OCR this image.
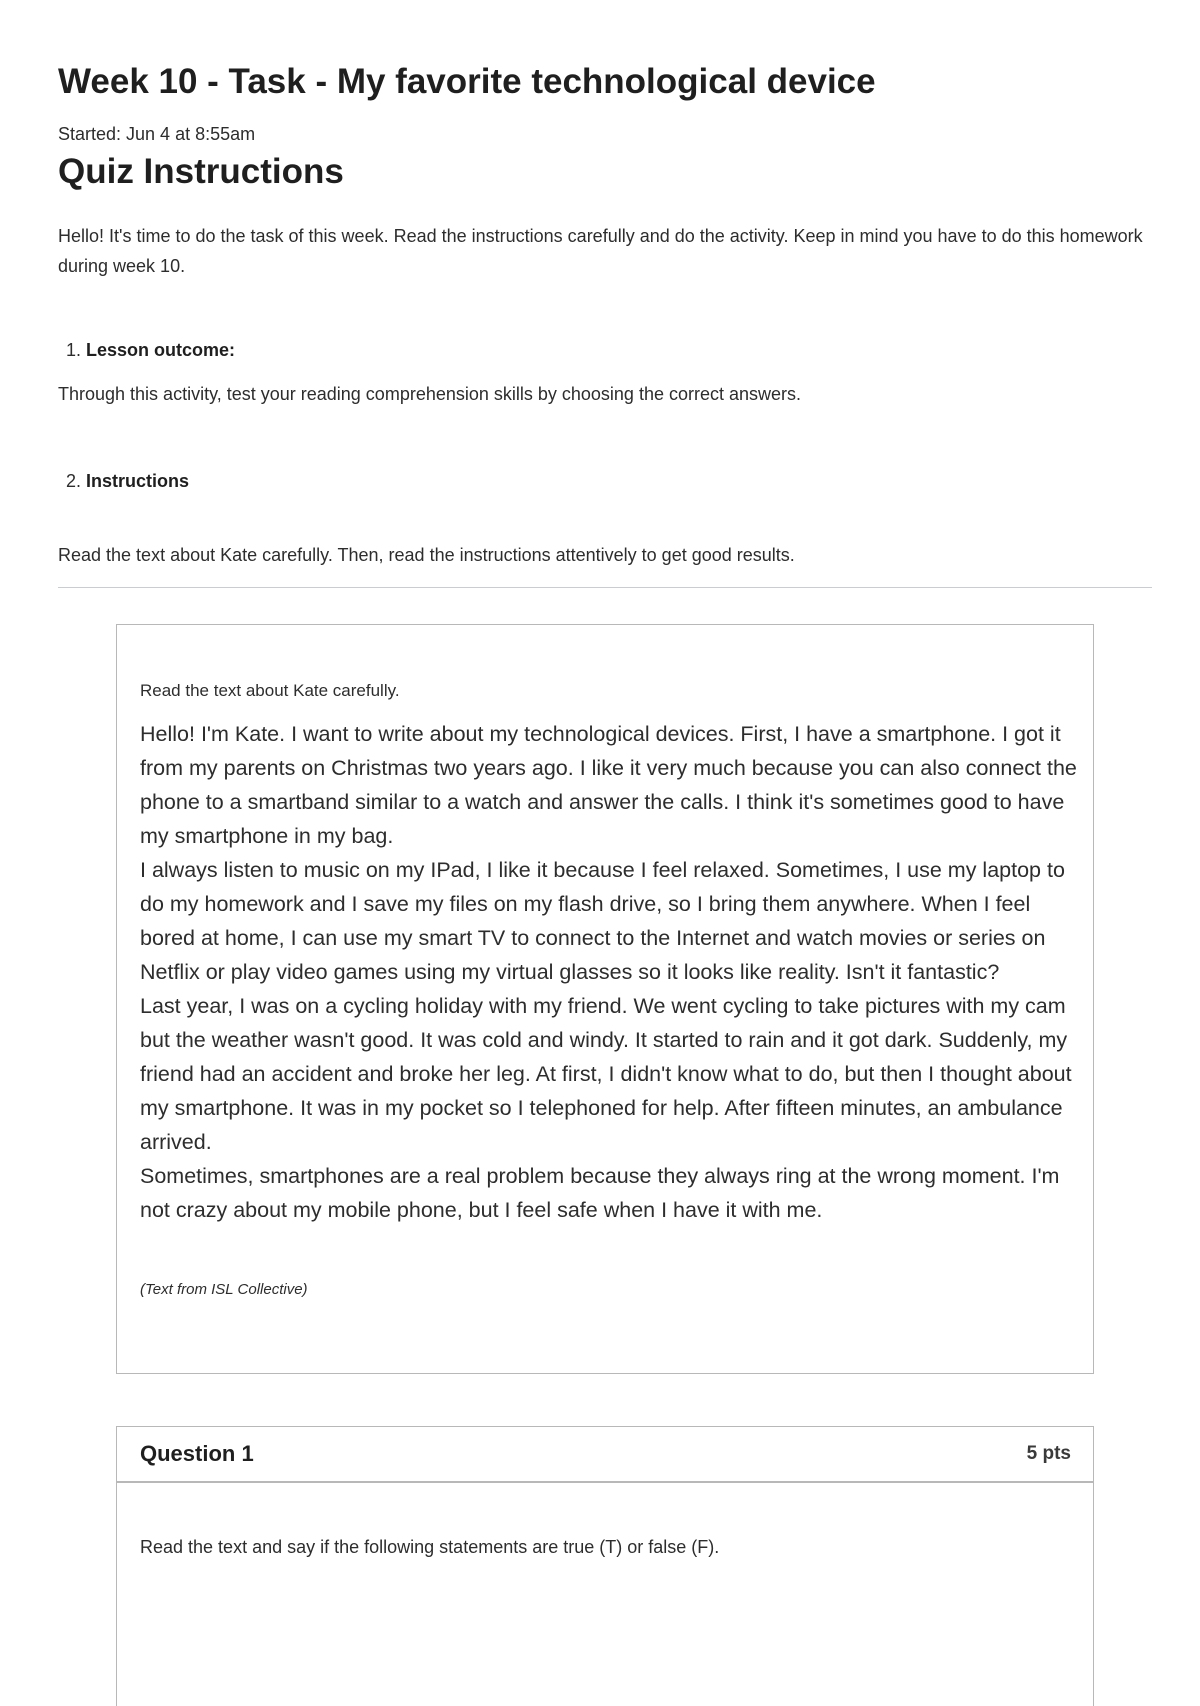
Week 10 - Task - My favorite technological device
Started: Jun 4 at 8:55am
Quiz Instructions

Hello! It's time to do the task of this week. Read the instructions carefully and do the activity. Keep in mind you have to do this homework during week 10.

1. Lesson outcome:
Through this activity, test your reading comprehension skills by choosing the correct answers.
2. Instructions
Read the text about Kate carefully. Then, read the instructions attentively to get good results.
Read the text about Kate carefully.

Hello! I'm Kate. I want to write about my technological devices. First, I have a smartphone. I got it from my parents on Christmas two years ago. I like it very much because you can also connect the phone to a smartband similar to a watch and answer the calls. I think it's sometimes good to have my smartphone in my bag.

I always listen to music on my IPad, I like it because I feel relaxed. Sometimes, I use my laptop to do my homework and I save my files on my flash drive, so I bring them anywhere. When I feel bored at home, I can use my smart TV to connect to the Internet and watch movies or series on Netflix or play video games using my virtual glasses so it looks like reality. Isn't it fantastic?

Last year, I was on a cycling holiday with my friend. We went cycling to take pictures with my cam but the weather wasn't good. It was cold and windy. It started to rain and it got dark. Suddenly, my friend had an accident and broke her leg. At first, I didn't know what to do, but then I thought about my smartphone. It was in my pocket so I telephoned for help. After fifteen minutes, an ambulance arrived.

Sometimes, smartphones are a real problem because they always ring at the wrong moment. I'm not crazy about my mobile phone, but I feel safe when I have it with me.

(Text from ISL Collective)
Question 1	5 pts
Read the text and say if the following statements are true (T) or false (F).
